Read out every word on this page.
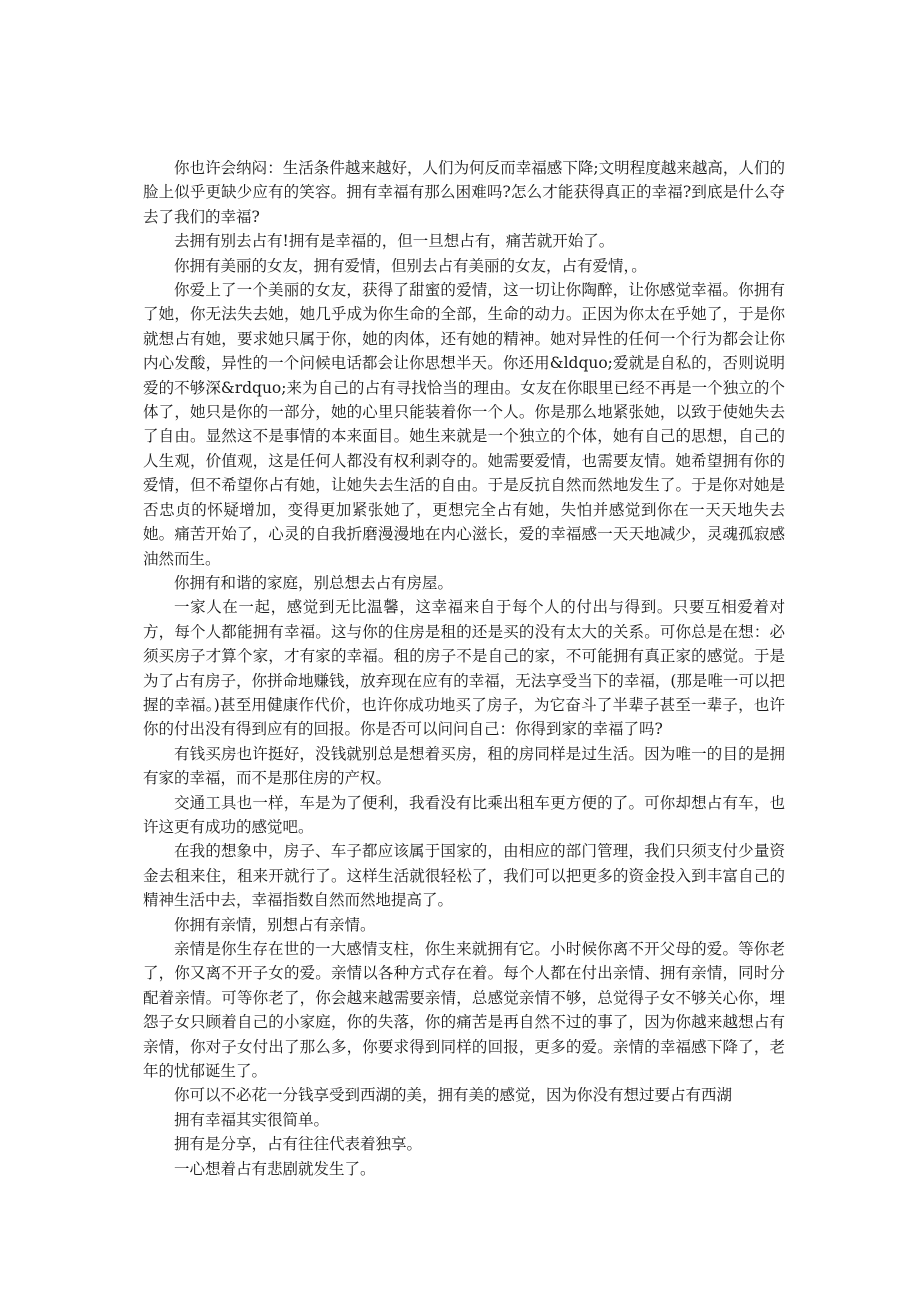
你也许会纳闷：生活条件越来越好，人们为何反而幸福感下降;文明程度越来越高，人们的脸上似乎更缺少应有的笑容。拥有幸福有那么困难吗?怎么才能获得真正的幸福?到底是什么夺去了我们的幸福?

去拥有别去占有!拥有是幸福的，但一旦想占有，痛苦就开始了。

你拥有美丽的女友，拥有爱情，但别去占有美丽的女友，占有爱情，。

你爱上了一个美丽的女友，获得了甜蜜的爱情，这一切让你陶醉，让你感觉幸福。你拥有了她，你无法失去她，她几乎成为你生命的全部，生命的动力。正因为你太在乎她了，于是你就想占有她，要求她只属于你，她的肉体，还有她的精神。她对异性的任何一个行为都会让你内心发酸，异性的一个问候电话都会让你思想半天。你还用&ldquo;爱就是自私的，否则说明爱的不够深&rdquo;来为自己的占有寻找恰当的理由。女友在你眼里已经不再是一个独立的个体了，她只是你的一部分，她的心里只能装着你一个人。你是那么地紧张她，以致于使她失去了自由。显然这不是事情的本来面目。她生来就是一个独立的个体，她有自己的思想，自己的人生观，价值观，这是任何人都没有权利剥夺的。她需要爱情，也需要友情。她希望拥有你的爱情，但不希望你占有她，让她失去生活的自由。于是反抗自然而然地发生了。于是你对她是否忠贞的怀疑增加，变得更加紧张她了，更想完全占有她，失怕并感觉到你在一天天地失去她。痛苦开始了，心灵的自我折磨漫漫地在内心滋长，爱的幸福感一天天地减少，灵魂孤寂感油然而生。

你拥有和谐的家庭，别总想去占有房屋。

一家人在一起，感觉到无比温馨，这幸福来自于每个人的付出与得到。只要互相爱着对方，每个人都能拥有幸福。这与你的住房是租的还是买的没有太大的关系。可你总是在想：必须买房子才算个家，才有家的幸福。租的房子不是自己的家，不可能拥有真正家的感觉。于是为了占有房子，你拼命地赚钱，放弃现在应有的幸福，无法享受当下的幸福，(那是唯一可以把握的幸福。)甚至用健康作代价，也许你成功地买了房子，为它奋斗了半辈子甚至一辈子，也许你的付出没有得到应有的回报。你是否可以问问自己：你得到家的幸福了吗?

有钱买房也许挺好，没钱就别总是想着买房，租的房同样是过生活。因为唯一的目的是拥有家的幸福，而不是那住房的产权。

交通工具也一样，车是为了便利，我看没有比乘出租车更方便的了。可你却想占有车，也许这更有成功的感觉吧。

在我的想象中，房子、车子都应该属于国家的，由相应的部门管理，我们只须支付少量资金去租来住，租来开就行了。这样生活就很轻松了，我们可以把更多的资金投入到丰富自己的精神生活中去，幸福指数自然而然地提高了。

你拥有亲情，别想占有亲情。

亲情是你生存在世的一大感情支柱，你生来就拥有它。小时候你离不开父母的爱。等你老了，你又离不开子女的爱。亲情以各种方式存在着。每个人都在付出亲情、拥有亲情，同时分配着亲情。可等你老了，你会越来越需要亲情，总感觉亲情不够，总觉得子女不够关心你，埋怨子女只顾着自己的小家庭，你的失落，你的痛苦是再自然不过的事了，因为你越来越想占有亲情，你对子女付出了那么多，你要求得到同样的回报，更多的爱。亲情的幸福感下降了，老年的忧郁诞生了。

你可以不必花一分钱享受到西湖的美，拥有美的感觉，因为你没有想过要占有西湖

拥有幸福其实很简单。

拥有是分享，占有往往代表着独享。

一心想着占有悲剧就发生了。
